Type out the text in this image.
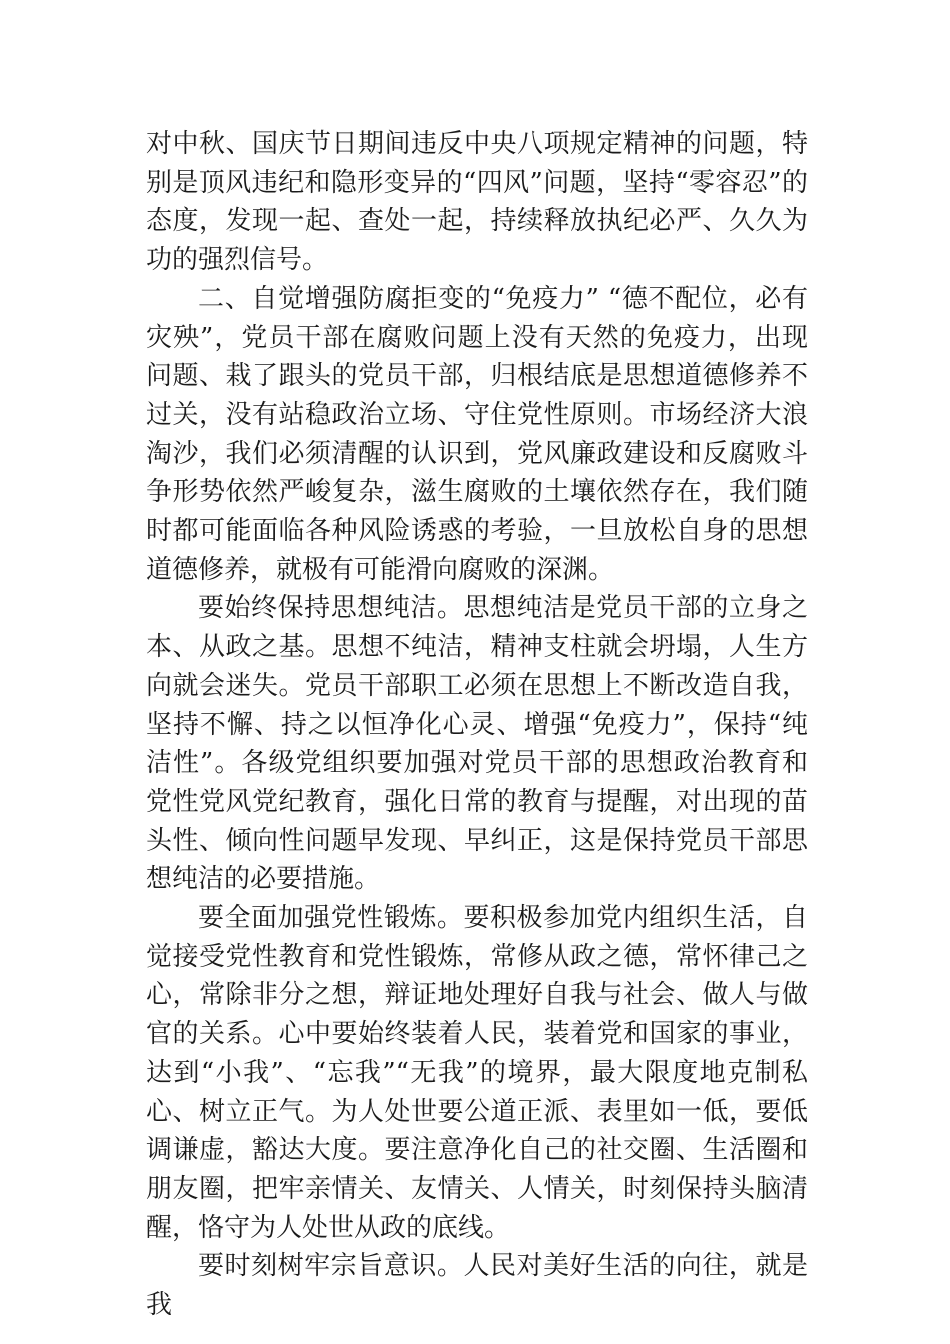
对中秋、国庆节日期间违反中央八项规定精神的问题，特别是顶风违纪和隐形变异的“四风”问题，坚持“零容忍”的态度，发现一起、查处一起，持续释放执纪必严、久久为功的强烈信号。

二、自觉增强防腐拒变的“免疫力” “德不配位，必有灾殃”，党员干部在腐败问题上没有天然的免疫力，出现问题、栽了跟头的党员干部，归根结底是思想道德修养不过关，没有站稳政治立场、守住党性原则。市场经济大浪淘沙，我们必须清醒的认识到，党风廉政建设和反腐败斗争形势依然严峻复杂，滋生腐败的土壤依然存在，我们随时都可能面临各种风险诱惑的考验，一旦放松自身的思想道德修养，就极有可能滑向腐败的深渊。

要始终保持思想纯洁。思想纯洁是党员干部的立身之本、从政之基。思想不纯洁，精神支柱就会坍塌，人生方向就会迷失。党员干部职工必须在思想上不断改造自我，坚持不懈、持之以恒净化心灵、增强“免疫力”，保持“纯洁性”。各级党组织要加强对党员干部的思想政治教育和党性党风党纪教育，强化日常的教育与提醒，对出现的苗头性、倾向性问题早发现、早纠正，这是保持党员干部思想纯洁的必要措施。

要全面加强党性锻炼。要积极参加党内组织生活，自觉接受党性教育和党性锻炼，常修从政之德，常怀律己之心，常除非分之想，辩证地处理好自我与社会、做人与做官的关系。心中要始终装着人民，装着党和国家的事业，达到“小我”、“忘我”“无我”的境界，最大限度地克制私心、树立正气。为人处世要公道正派、表里如一低，要低调谦虚，豁达大度。要注意净化自己的社交圈、生活圈和朋友圈，把牢亲情关、友情关、人情关，时刻保持头脑清醒，恪守为人处世从政的底线。

要时刻树牢宗旨意识。人民对美好生活的向往，就是我
